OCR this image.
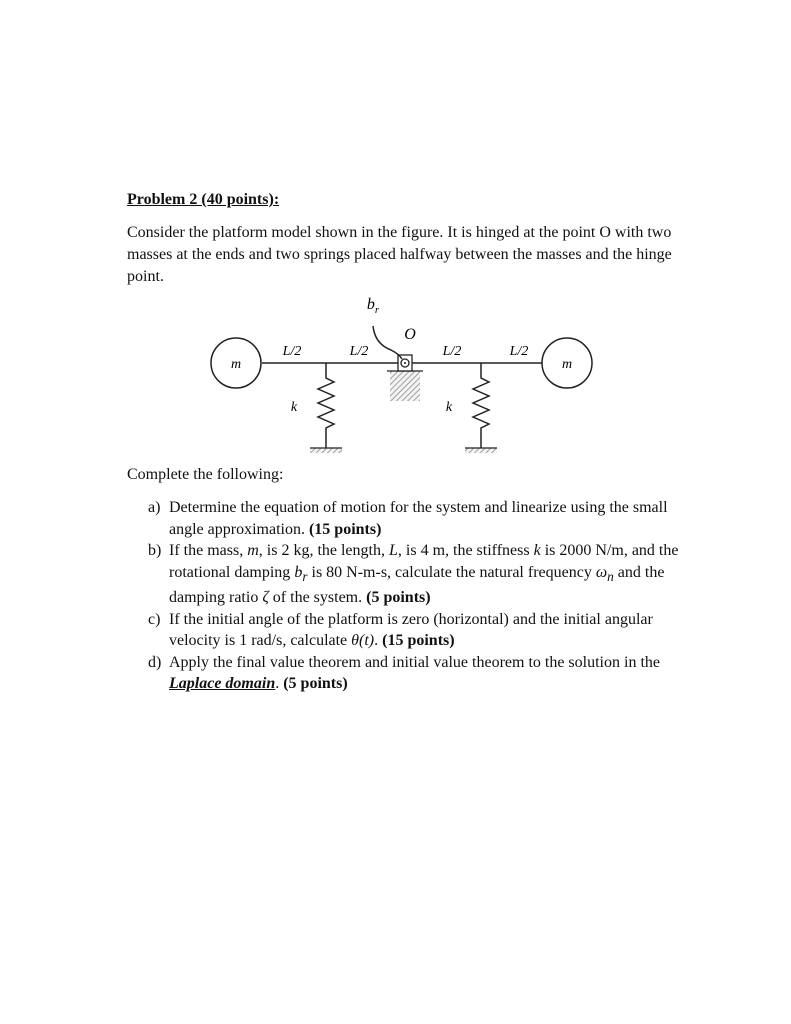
Problem 2 (40 points):

Consider the platform model shown in the figure. It is hinged at the point O with two masses at the ends and two springs placed halfway between the masses and the hinge point.

m	m
L/2	L/2	L/2	L/2
k	k
$b_r$
O
Complete the following:
a) Determine the equation of motion for the system and linearize using the small angle approximation. (15 points)
b) If the mass, m, is 2 kg, the length, L, is 4 m, the stiffness k is 2000 N/m, and the rotational damping $b_r$ is 80 N-m-s, calculate the natural frequency $\omega_n$ and the damping ratio ζ of the system. (5 points)
c) If the initial angle of the platform is zero (horizontal) and the initial angular velocity is 1 rad/s, calculate θ(t). (15 points)
d) Apply the final value theorem and initial value theorem to the solution in the Laplace domain. (5 points)
